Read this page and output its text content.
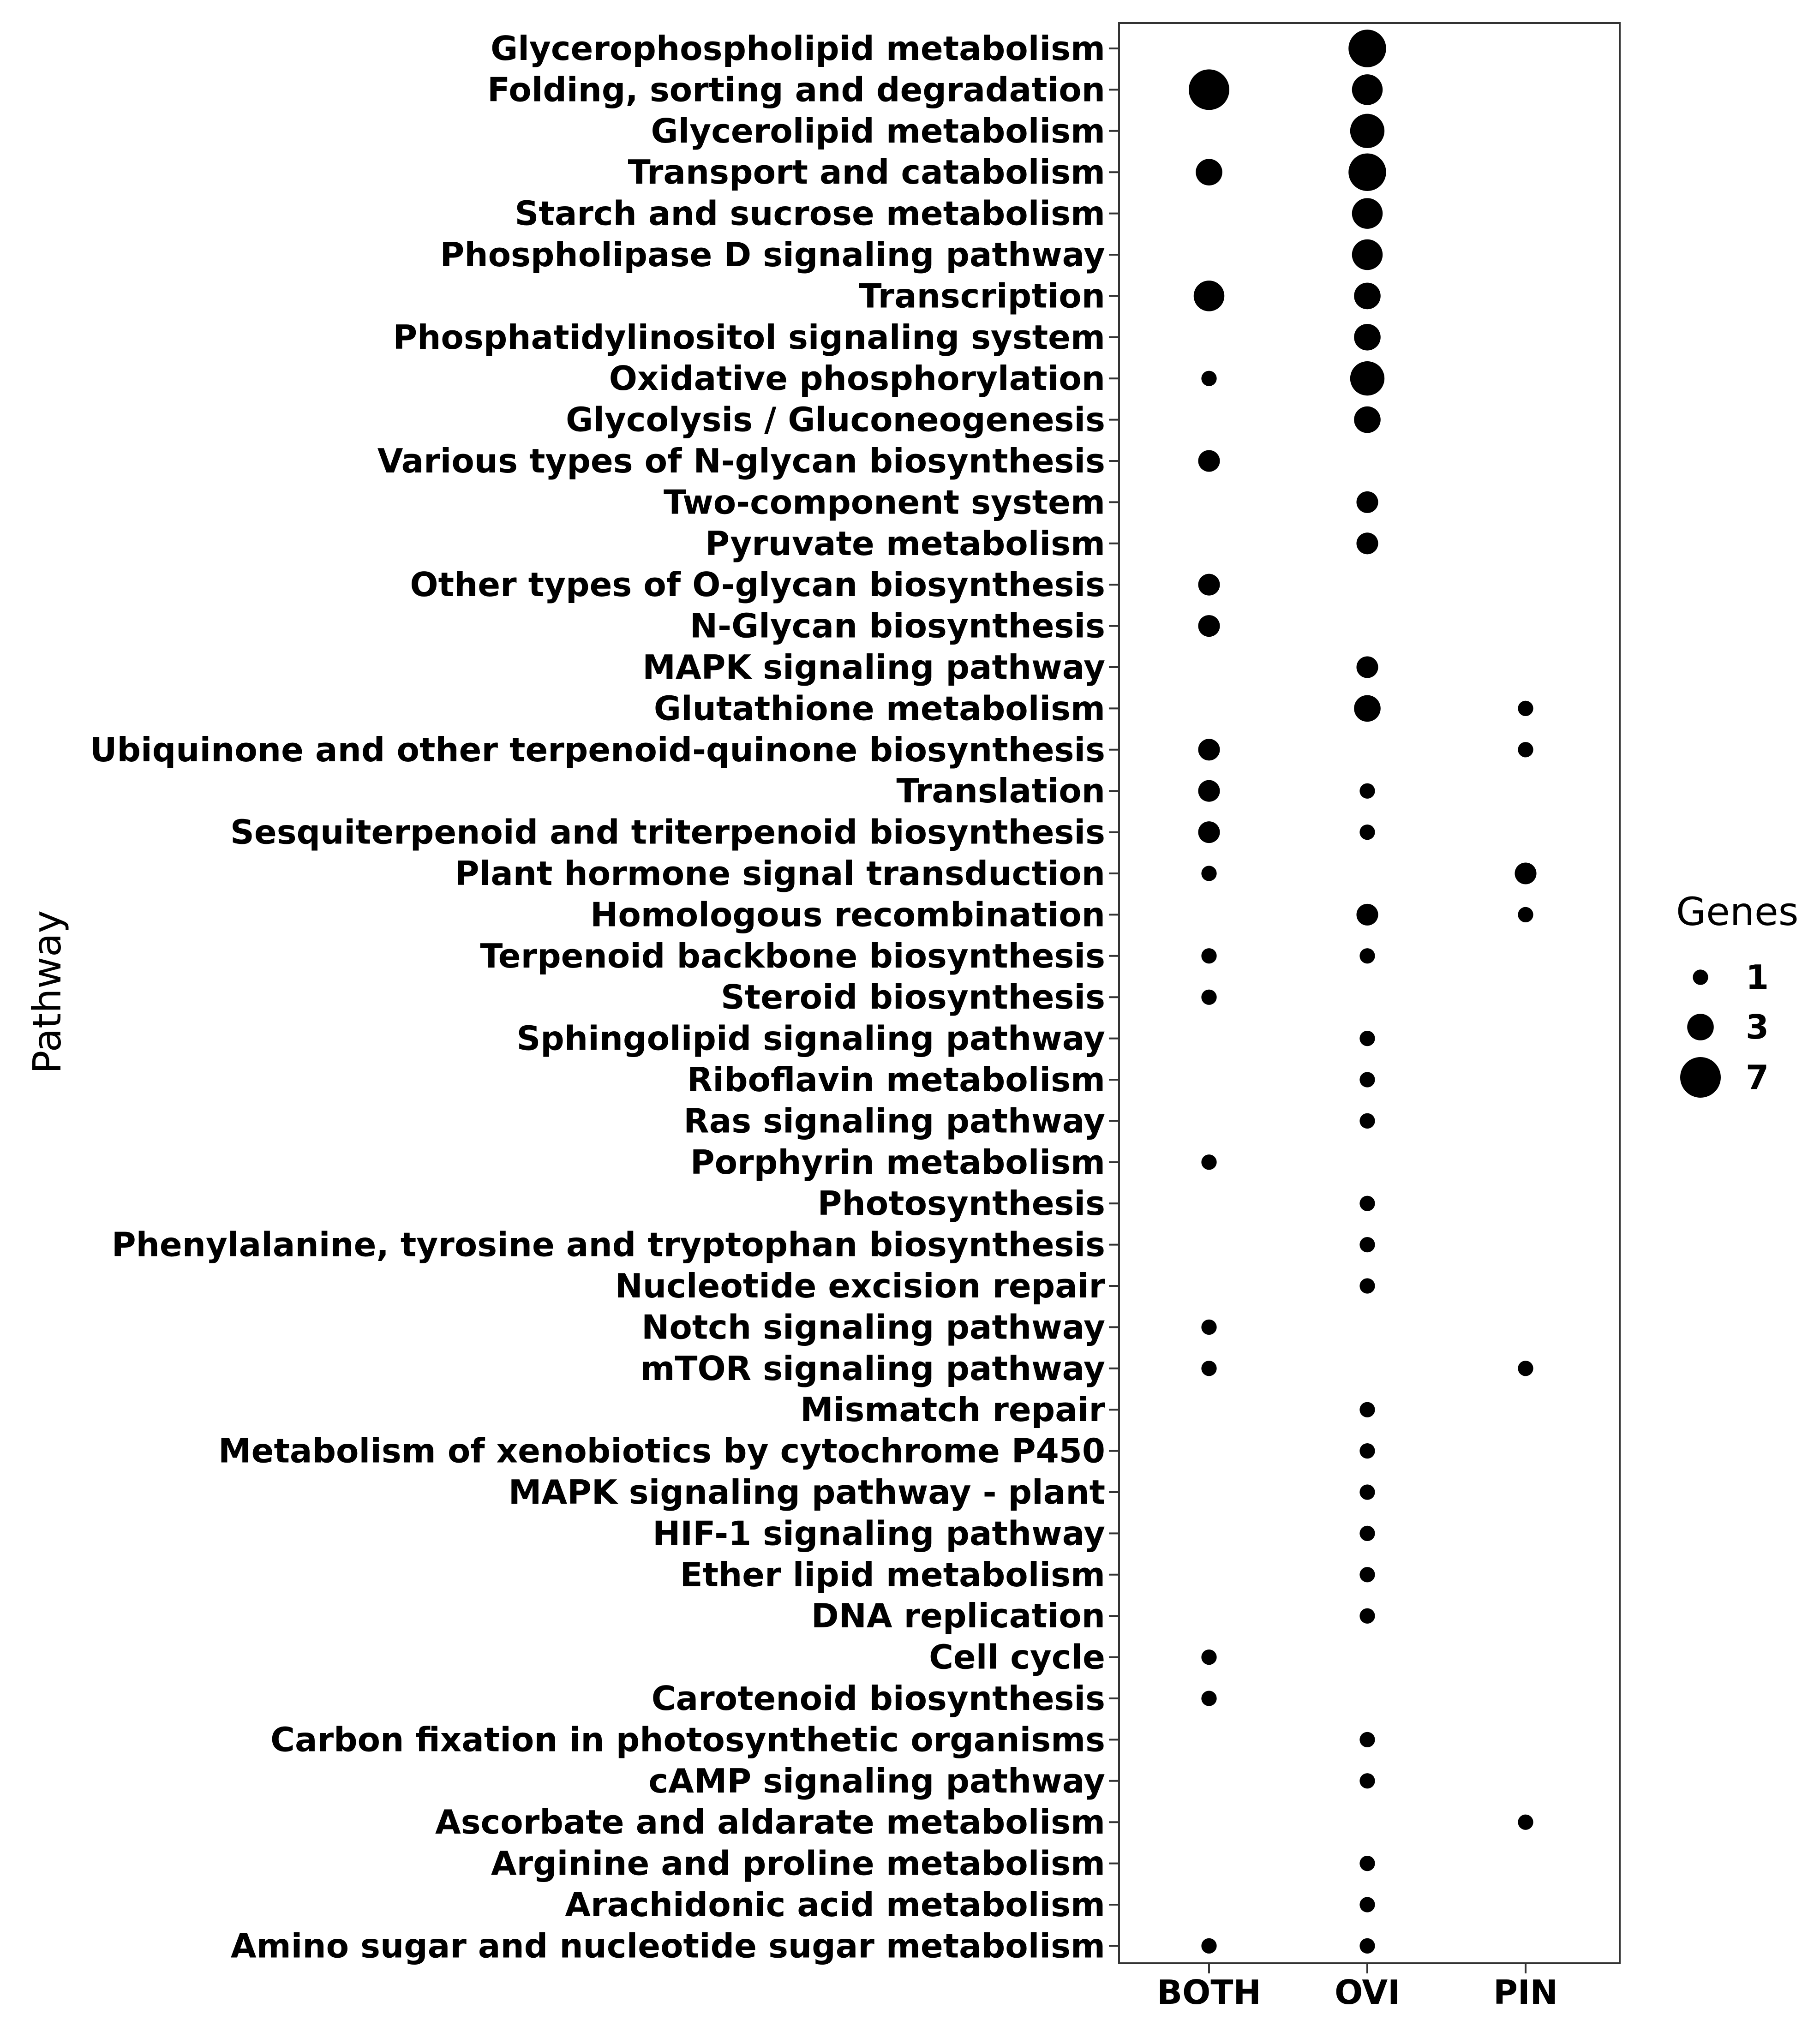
Glycerophospholipid metabolism
Folding, sorting and degradation
Glycerolipid metabolism
Transport and catabolism
Starch and sucrose metabolism
Phospholipase D signaling pathway
Transcription
Phosphatidylinositol signaling system
Oxidative phosphorylation
Glycolysis / Gluconeogenesis
Various types of N-glycan biosynthesis
Two-component system
Pyruvate metabolism
Other types of O-glycan biosynthesis
N-Glycan biosynthesis
MAPK signaling pathway
Glutathione metabolism
Ubiquinone and other terpenoid-quinone biosynthesis
Translation
Sesquiterpenoid and triterpenoid biosynthesis
Plant hormone signal transduction
Homologous recombination
Terpenoid backbone biosynthesis
Steroid biosynthesis
Sphingolipid signaling pathway
Riboflavin metabolism
Ras signaling pathway
Porphyrin metabolism
Photosynthesis
Phenylalanine, tyrosine and tryptophan biosynthesis
Nucleotide excision repair
Notch signaling pathway
mTOR signaling pathway
Mismatch repair
Metabolism of xenobiotics by cytochrome P450
MAPK signaling pathway - plant
HIF-1 signaling pathway
Ether lipid metabolism
DNA replication
Cell cycle
Carotenoid biosynthesis
Carbon fixation in photosynthetic organisms
cAMP signaling pathway
Ascorbate and aldarate metabolism
Arginine and proline metabolism
Arachidonic acid metabolism
Amino sugar and nucleotide sugar metabolism
BOTH OVI	PIN
Pathway	Genes
1
3
7
